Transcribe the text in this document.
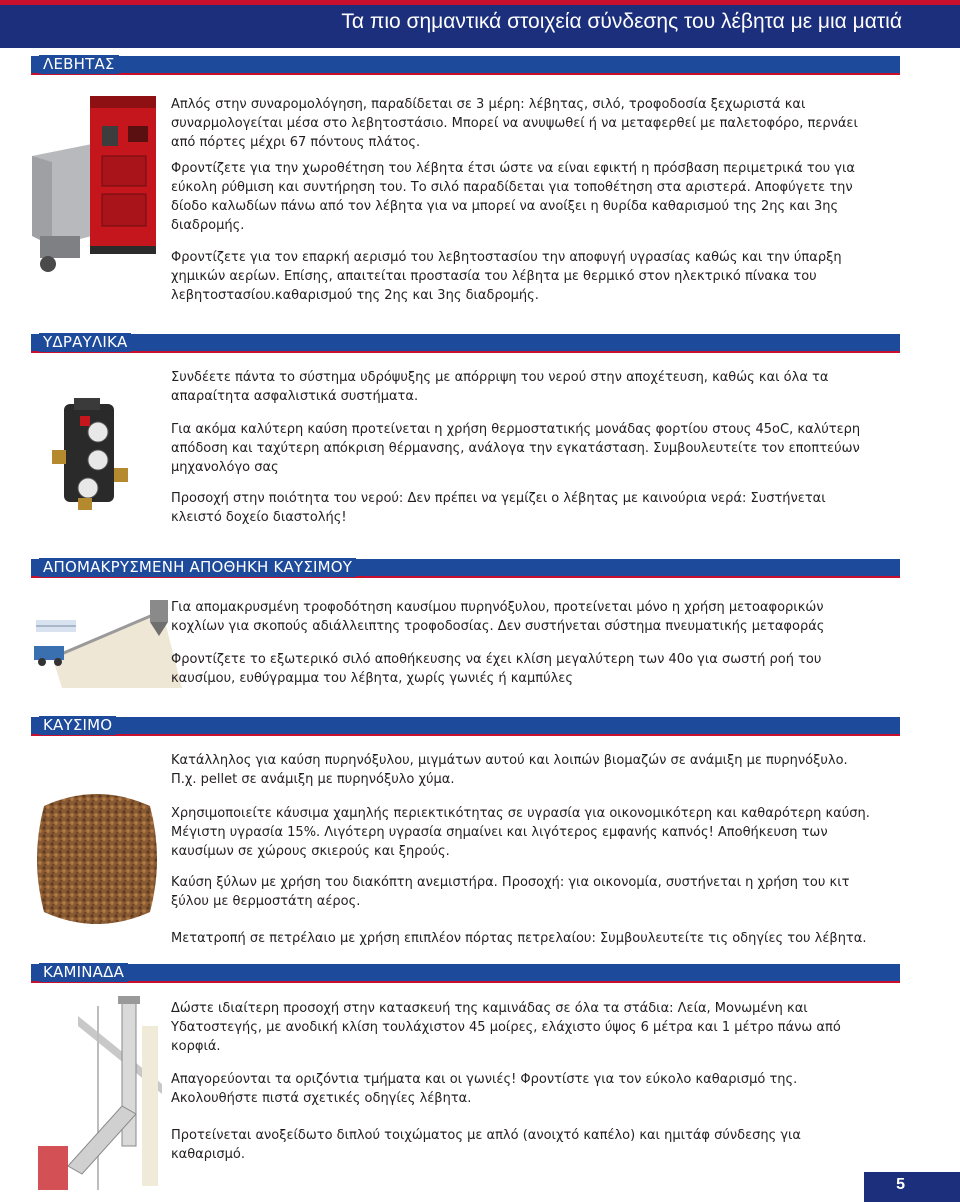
Τα πιο σημαντικά στοιχεία σύνδεσης του λέβητα με μια ματιά
ΛΕΒΗΤΑΣ

Απλός στην συναρομολόγηση, παραδίδεται σε 3 μέρη: λέβητας, σιλό, τροφοδοσία ξεχωριστά και συναρμολογείται μέσα στο λεβητοστάσιο. Μπορεί να ανυψωθεί ή να μεταφερθεί με παλετοφόρο, περνάει από πόρτες μέχρι 67 πόντους πλάτος.

Φροντίζετε για την χωροθέτηση του λέβητα έτσι ώστε να είναι εφικτή η πρόσβαση περιμετρικά του για εύκολη ρύθμιση και συντήρηση του. Το σιλό παραδίδεται για τοποθέτηση στα αριστερά. Αποφύγετε την δίοδο καλωδίων πάνω από τον λέβητα για να μπορεί να ανοίξει η θυρίδα καθαρισμού της 2ης και 3ης διαδρομής.

Φροντίζετε για τον επαρκή αερισμό του λεβητοστασίου την αποφυγή υγρασίας καθώς και την ύπαρξη χημικών αερίων. Επίσης, απαιτείται προστασία του λέβητα με θερμικό στον ηλεκτρικό πίνακα του λεβητοστασίου.καθαρισμού της 2ης και 3ης διαδρομής.

ΥΔΡΑΥΛΙΚΑ

Συνδέετε πάντα το σύστημα υδρόψυξης με απόρριψη του νερού στην αποχέτευση, καθώς και όλα τα απαραίτητα ασφαλιστικά συστήματα.

Για ακόμα καλύτερη καύση προτείνεται η χρήση θερμοστατικής μονάδας φορτίου στους 45oC, καλύτερη απόδοση και ταχύτερη απόκριση θέρμανσης, ανάλογα την εγκατάσταση. Συμβουλευτείτε τον εποπτεύων μηχανολόγο σας

Προσοχή στην ποιότητα του νερού: Δεν πρέπει να γεμίζει ο λέβητας με καινούρια νερά: Συστήνεται κλειστό δοχείο διαστολής!

ΑΠΟΜΑΚΡΥΣΜΕΝΗ ΑΠΟΘΗΚΗ ΚΑΥΣΙΜΟΥ

Για απομακρυσμένη τροφοδότηση καυσίμου πυρηνόξυλου, προτείνεται μόνο η χρήση μετοαφορικών κοχλίων για σκοπούς αδιάλλειπτης τροφοδοσίας. Δεν συστήνεται σύστημα πνευματικής μεταφοράς

Φροντίζετε το εξωτερικό σιλό αποθήκευσης να έχει κλίση μεγαλύτερη των 40ο για σωστή ροή του καυσίμου, ευθύγραμμα του λέβητα, χωρίς γωνιές ή καμπύλες

ΚΑΥΣΙΜΟ

Κατάλληλος για καύση πυρηνόξυλου, μιγμάτων αυτού και λοιπών βιομαζών σε ανάμιξη με πυρηνόξυλο. Π.χ. pellet σε ανάμιξη με πυρηνόξυλο χύμα.

Χρησιμοποιείτε κάυσιμα χαμηλής περιεκτικότητας σε υγρασία για οικονομικότερη και καθαρότερη καύση. Μέγιστη υγρασία 15%. Λιγότερη υγρασία σημαίνει και λιγότερος εμφανής καπνός! Αποθήκευση των καυσίμων σε χώρους σκιερούς και ξηρούς.

Καύση ξύλων με χρήση του διακόπτη ανεμιστήρα. Προσοχή: για οικονομία, συστήνεται η χρήση του κιτ ξύλου με θερμοστάτη αέρος.

Μετατροπή σε πετρέλαιο με χρήση επιπλέον πόρτας πετρελαίου: Συμβουλευτείτε τις οδηγίες του λέβητα.

ΚΑΜΙΝΑΔΑ

Δώστε ιδιαίτερη προσοχή στην κατασκευή της καμινάδας σε όλα τα στάδια: Λεία, Μονωμένη και Υδατοστεγής, με ανοδική κλίση τουλάχιστον 45 μοίρες, ελάχιστο ύψος 6 μέτρα και 1 μέτρο πάνω από κορφιά.

Απαγορεύονται τα οριζόντια τμήματα και οι γωνιές! Φροντίστε για τον εύκολο καθαρισμό της. Ακολουθήστε πιστά σχετικές οδηγίες λέβητα.

Προτείνεται ανοξείδωτο διπλού τοιχώματος με απλό (ανοιχτό καπέλο) και ημιτάφ σύνδεσης για καθαρισμό.

5
